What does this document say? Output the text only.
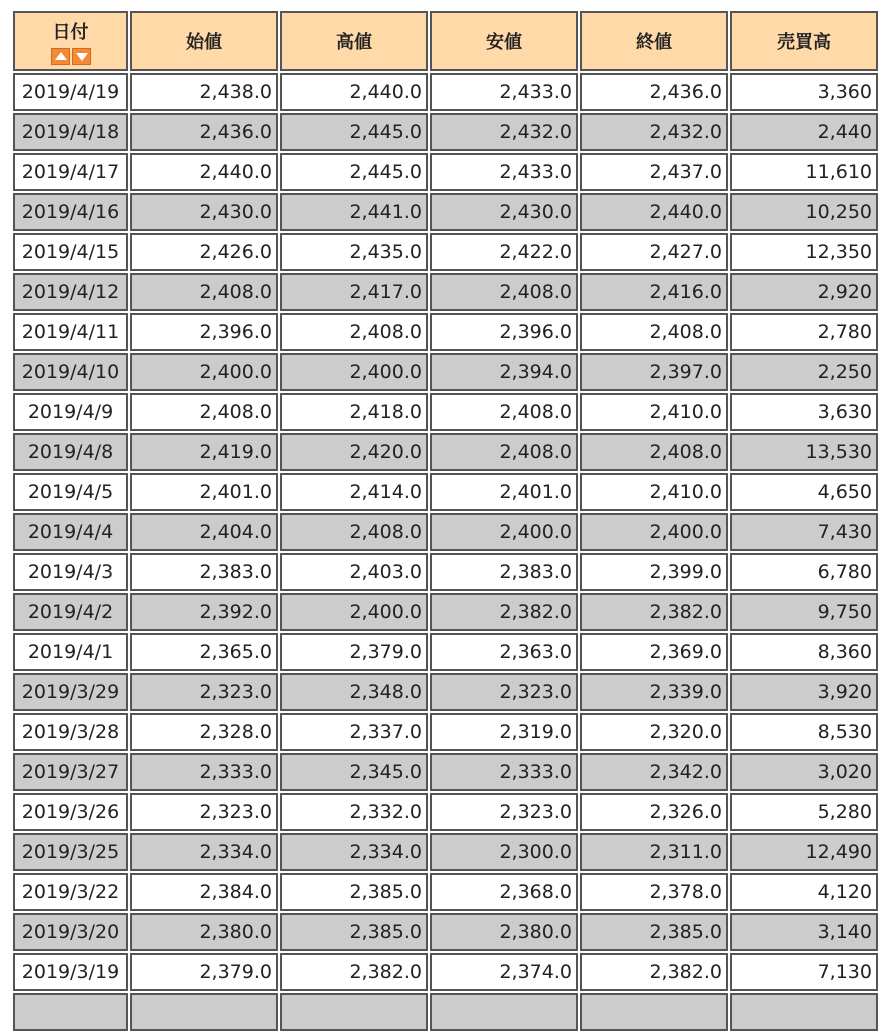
日付	始値	高値	安値	終値	売買高
2019/4/19	2,438.0	2,440.0	2,433.0	2,436.0	3,360
2019/4/18	2,436.0	2,445.0	2,432.0	2,432.0	2,440
2019/4/17	2,440.0	2,445.0	2,433.0	2,437.0	11,610
2019/4/16	2,430.0	2,441.0	2,430.0	2,440.0	10,250
2019/4/15	2,426.0	2,435.0	2,422.0	2,427.0	12,350
2019/4/12	2,408.0	2,417.0	2,408.0	2,416.0	2,920
2019/4/11	2,396.0	2,408.0	2,396.0	2,408.0	2,780
2019/4/10	2,400.0	2,400.0	2,394.0	2,397.0	2,250
2019/4/9	2,408.0	2,418.0	2,408.0	2,410.0	3,630
2019/4/8	2,419.0	2,420.0	2,408.0	2,408.0	13,530
2019/4/5	2,401.0	2,414.0	2,401.0	2,410.0	4,650
2019/4/4	2,404.0	2,408.0	2,400.0	2,400.0	7,430
2019/4/3	2,383.0	2,403.0	2,383.0	2,399.0	6,780
2019/4/2	2,392.0	2,400.0	2,382.0	2,382.0	9,750
2019/4/1	2,365.0	2,379.0	2,363.0	2,369.0	8,360
2019/3/29	2,323.0	2,348.0	2,323.0	2,339.0	3,920
2019/3/28	2,328.0	2,337.0	2,319.0	2,320.0	8,530
2019/3/27	2,333.0	2,345.0	2,333.0	2,342.0	3,020
2019/3/26	2,323.0	2,332.0	2,323.0	2,326.0	5,280
2019/3/25	2,334.0	2,334.0	2,300.0	2,311.0	12,490
2019/3/22	2,384.0	2,385.0	2,368.0	2,378.0	4,120
2019/3/20	2,380.0	2,385.0	2,380.0	2,385.0	3,140
2019/3/19	2,379.0	2,382.0	2,374.0	2,382.0	7,130
